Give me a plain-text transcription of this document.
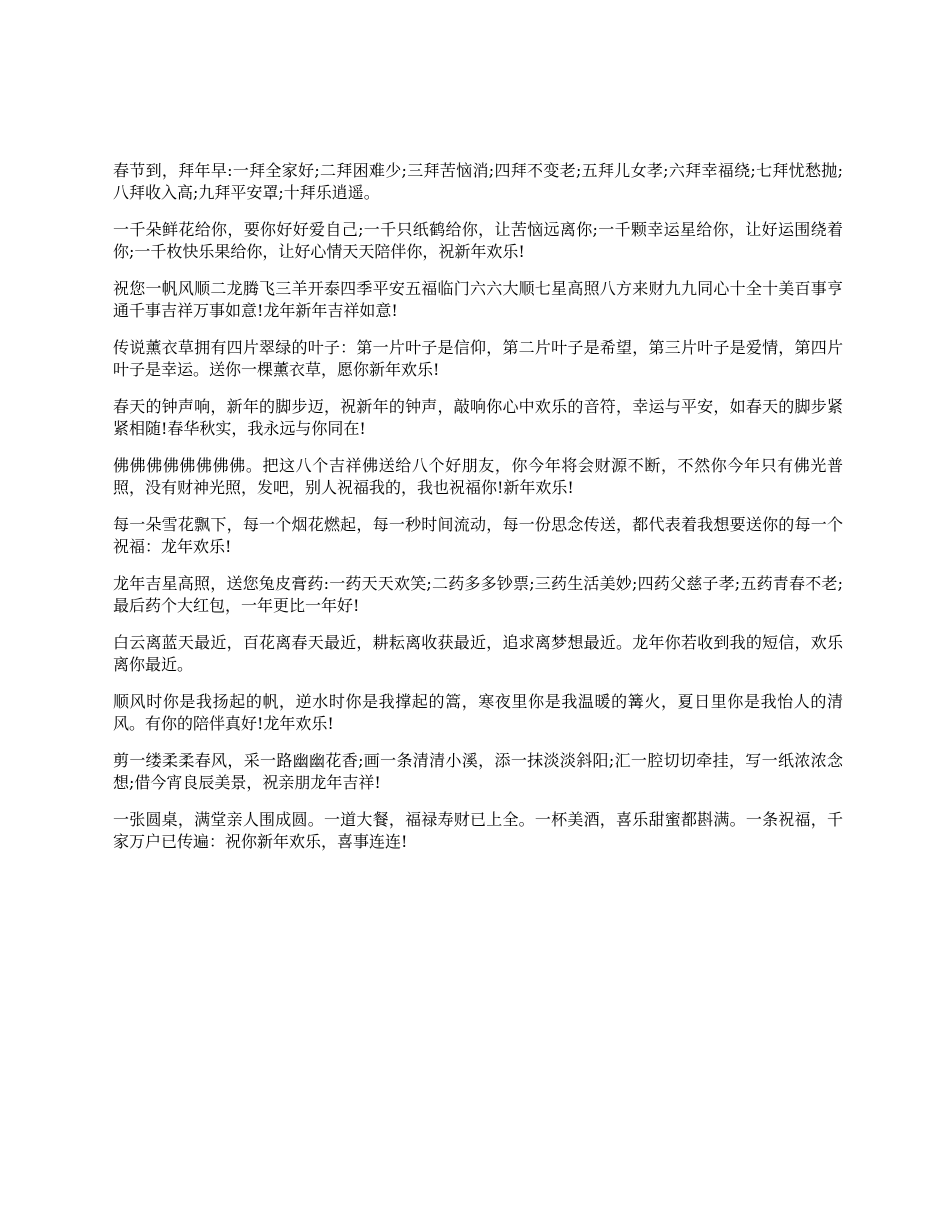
春节到，拜年早:一拜全家好;二拜困难少;三拜苦恼消;四拜不变老;五拜儿女孝;六拜幸福绕;七拜忧愁抛;八拜收入高;九拜平安罩;十拜乐逍遥。

一千朵鲜花给你，要你好好爱自己;一千只纸鹤给你，让苦恼远离你;一千颗幸运星给你，让好运围绕着你;一千枚快乐果给你，让好心情天天陪伴你，祝新年欢乐!

祝您一帆风顺二龙腾飞三羊开泰四季平安五福临门六六大顺七星高照八方来财九九同心十全十美百事亨通千事吉祥万事如意!龙年新年吉祥如意!

传说薰衣草拥有四片翠绿的叶子：第一片叶子是信仰，第二片叶子是希望，第三片叶子是爱情，第四片叶子是幸运。送你一棵薰衣草，愿你新年欢乐!

春天的钟声响，新年的脚步迈，祝新年的钟声，敲响你心中欢乐的音符，幸运与平安，如春天的脚步紧紧相随!春华秋实，我永远与你同在!

佛佛佛佛佛佛佛佛。把这八个吉祥佛送给八个好朋友，你今年将会财源不断，不然你今年只有佛光普照，没有财神光照，发吧，别人祝福我的，我也祝福你!新年欢乐!

每一朵雪花飘下，每一个烟花燃起，每一秒时间流动，每一份思念传送，都代表着我想要送你的每一个祝福：龙年欢乐!

龙年吉星高照，送您兔皮膏药:一药天天欢笑;二药多多钞票;三药生活美妙;四药父慈子孝;五药青春不老;最后药个大红包，一年更比一年好!

白云离蓝天最近，百花离春天最近，耕耘离收获最近，追求离梦想最近。龙年你若收到我的短信，欢乐离你最近。

顺风时你是我扬起的帆，逆水时你是我撑起的篙，寒夜里你是我温暖的篝火，夏日里你是我怡人的清风。有你的陪伴真好!龙年欢乐!

剪一缕柔柔春风，采一路幽幽花香;画一条清清小溪，添一抹淡淡斜阳;汇一腔切切牵挂，写一纸浓浓念想;借今宵良辰美景，祝亲朋龙年吉祥!

一张圆桌，满堂亲人围成圆。一道大餐，福禄寿财已上全。一杯美酒，喜乐甜蜜都斟满。一条祝福，千家万户已传遍：祝你新年欢乐，喜事连连!
